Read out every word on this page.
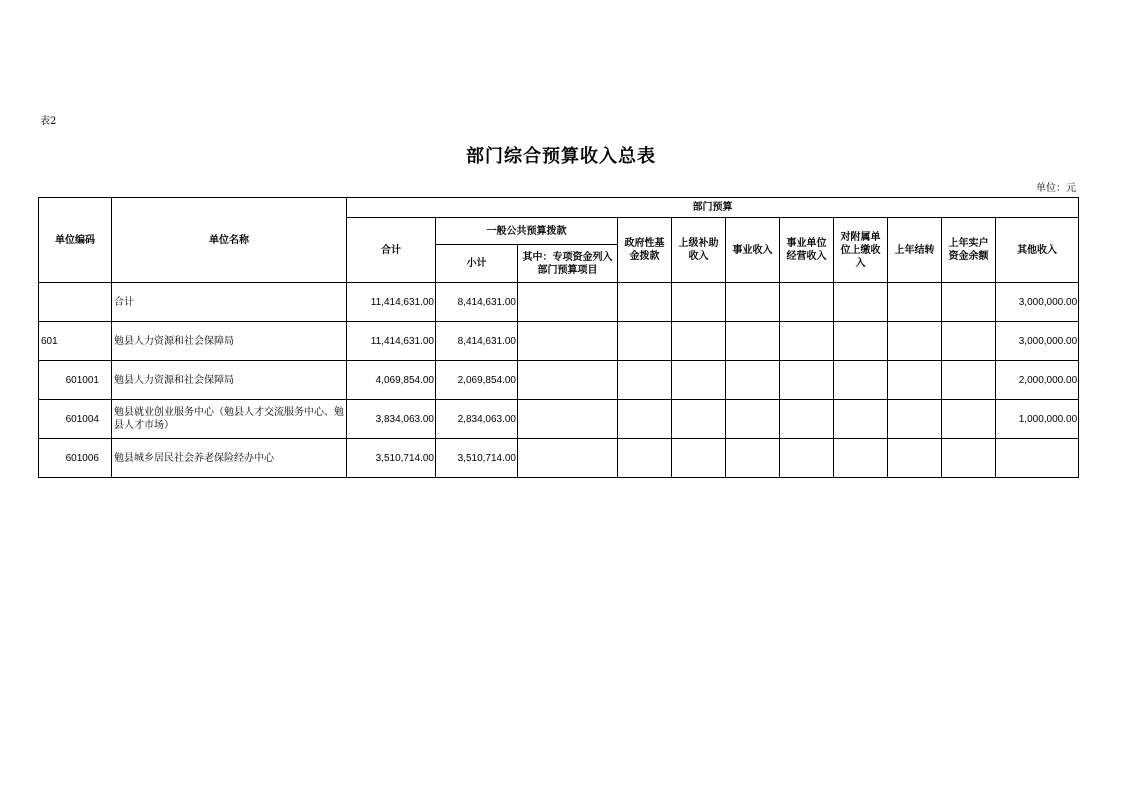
表2
部门综合预算收入总表
单位：元
单位编码	单位名称	部门预算										
		合计	一般公共预算拨款		政府性基金拨款	上级补助收入	事业收入	事业单位经营收入	对附属单位上缴收入	上年结转	上年实户资金余额	其他收入
			小计	其中：专项资金列入部门预算项目								
	合计	11,414,631.00	8,414,631.00									3,000,000.00
601	勉县人力资源和社会保障局	11,414,631.00	8,414,631.00									3,000,000.00
601001	勉县人力资源和社会保障局	4,069,854.00	2,069,854.00									2,000,000.00
601004	勉县就业创业服务中心（勉县人才交流服务中心、勉县人才市场）	3,834,063.00	2,834,063.00									1,000,000.00
601006	勉县城乡居民社会养老保险经办中心	3,510,714.00	3,510,714.00									
